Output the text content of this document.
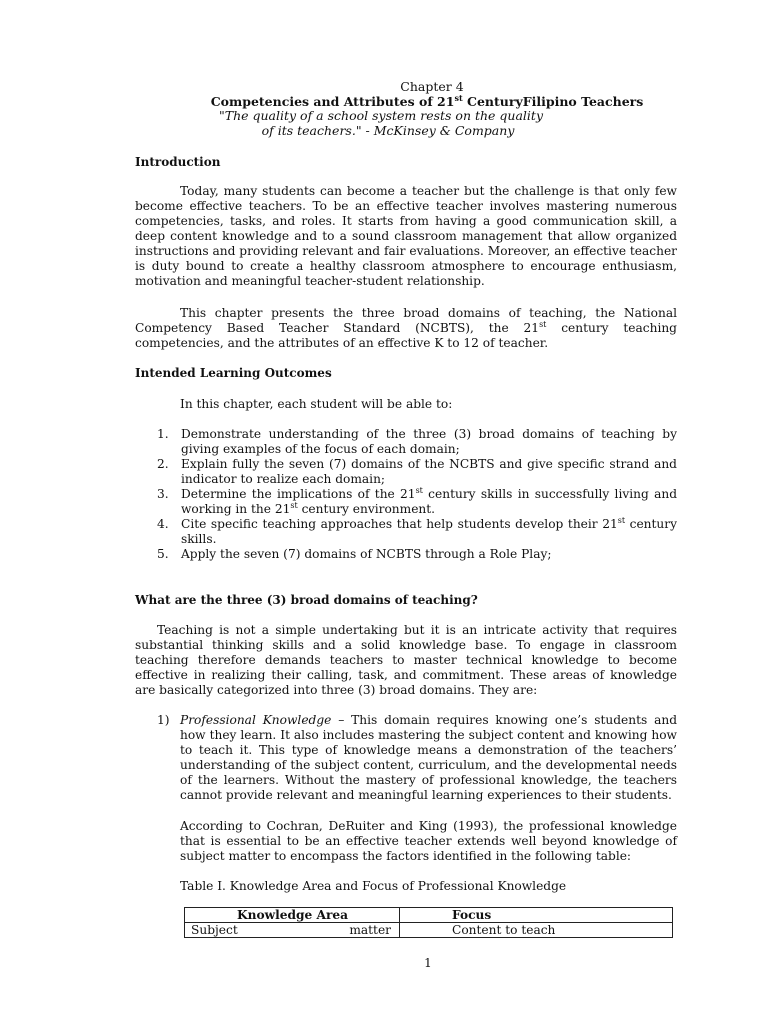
Chapter 4
Competencies and Attributes of 21st CenturyFilipino Teachers
"The quality of a school system rests on the quality
of its teachers." - McKinsey & Company
Introduction

Today, many students can become a teacher but the challenge is that only few become effective teachers. To be an effective teacher involves mastering numerous competencies, tasks, and roles. It starts from having a good communication skill, a deep content knowledge and to a sound classroom management that allow organized instructions and providing relevant and fair evaluations. Moreover, an effective teacher is duty bound to create a healthy classroom atmosphere to encourage enthusiasm, motivation and meaningful teacher-student relationship.

This chapter presents the three broad domains of teaching, the National Competency Based Teacher Standard (NCBTS), the 21st century teaching competencies, and the attributes of an effective K to 12 of teacher.

Intended Learning Outcomes

In this chapter, each student will be able to:

1. Demonstrate understanding of the three (3) broad domains of teaching by giving examples of the focus of each domain;
2. Explain fully the seven (7) domains of the NCBTS and give specific strand and indicator to realize each domain;
3. Determine the implications of the 21st century skills in successfully living and working in the 21st century environment.
4. Cite specific teaching approaches that help students develop their 21st century skills.
5. Apply the seven (7) domains of NCBTS through a Role Play;
What are the three (3) broad domains of teaching?

Teaching is not a simple undertaking but it is an intricate activity that requires substantial thinking skills and a solid knowledge base. To engage in classroom teaching therefore demands teachers to master technical knowledge to become effective in realizing their calling, task, and commitment. These areas of knowledge are basically categorized into three (3) broad domains. They are:

1) Professional Knowledge – This domain requires knowing one’s students and how they learn. It also includes mastering the subject content and knowing how to teach it. This type of knowledge means a demonstration of the teachers’ understanding of the subject content, curriculum, and the developmental needs of the learners. Without the mastery of professional knowledge, the teachers cannot provide relevant and meaningful learning experiences to their students.

According to Cochran, DeRuiter and King (1993), the professional knowledge that is essential to be an effective teacher extends well beyond knowledge of subject matter to encompass the factors identified in the following table:

Table I. Knowledge Area and Focus of Professional Knowledge

Knowledge Area	Focus

Subject matter	Content to teach
1
